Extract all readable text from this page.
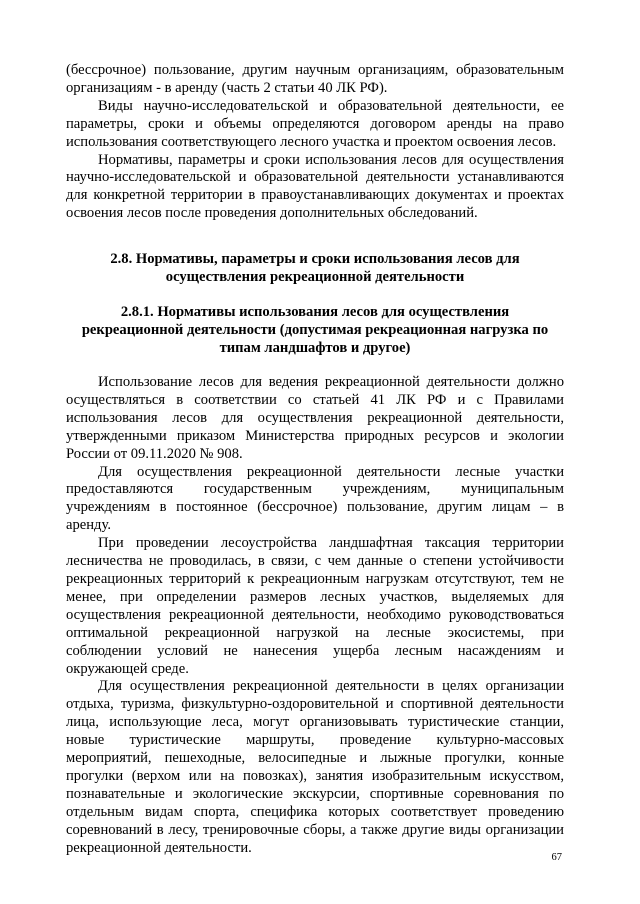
(бессрочное) пользование, другим научным организациям, образовательным организациям - в аренду (часть 2 статьи 40 ЛК РФ).

Виды научно-исследовательской и образовательной деятельности, ее параметры, сроки и объемы определяются договором аренды на право использования соответствующего лесного участка и проектом освоения лесов.

Нормативы, параметры и сроки использования лесов для осуществления научно-исследовательской и образовательной деятельности устанавливаются для конкретной территории в правоустанавливающих документах и проектах освоения лесов после проведения дополнительных обследований.

2.8. Нормативы, параметры и сроки использования лесов для
осуществления рекреационной деятельности
2.8.1. Нормативы использования лесов для осуществления
рекреационной деятельности (допустимая рекреационная нагрузка по
типам ландшафтов и другое)

Использование лесов для ведения рекреационной деятельности должно осуществляться в соответствии со статьей 41 ЛК РФ и с Правилами использования лесов для осуществления рекреационной деятельности, утвержденными приказом Министерства природных ресурсов и экологии России от 09.11.2020 № 908.

Для осуществления рекреационной деятельности лесные участки предоставляются государственным учреждениям, муниципальным учреждениям в постоянное (бессрочное) пользование, другим лицам – в аренду.

При проведении лесоустройства ландшафтная таксация территории лесничества не проводилась, в связи, с чем данные о степени устойчивости рекреационных территорий к рекреационным нагрузкам отсутствуют, тем не менее, при определении размеров лесных участков, выделяемых для осуществления рекреационной деятельности, необходимо руководствоваться оптимальной рекреационной нагрузкой на лесные экосистемы, при соблюдении условий не нанесения ущерба лесным насаждениям и окружающей среде.

Для осуществления рекреационной деятельности в целях организации отдыха, туризма, физкультурно-оздоровительной и спортивной деятельности лица, использующие леса, могут организовывать туристические станции, новые туристические маршруты, проведение культурно-массовых мероприятий, пешеходные, велосипедные и лыжные прогулки, конные прогулки (верхом или на повозках), занятия изобразительным искусством, познавательные и экологические экскурсии, спортивные соревнования по отдельным видам спорта, специфика которых соответствует проведению соревнований в лесу, тренировочные сборы, а также другие виды организации рекреационной деятельности.

67
